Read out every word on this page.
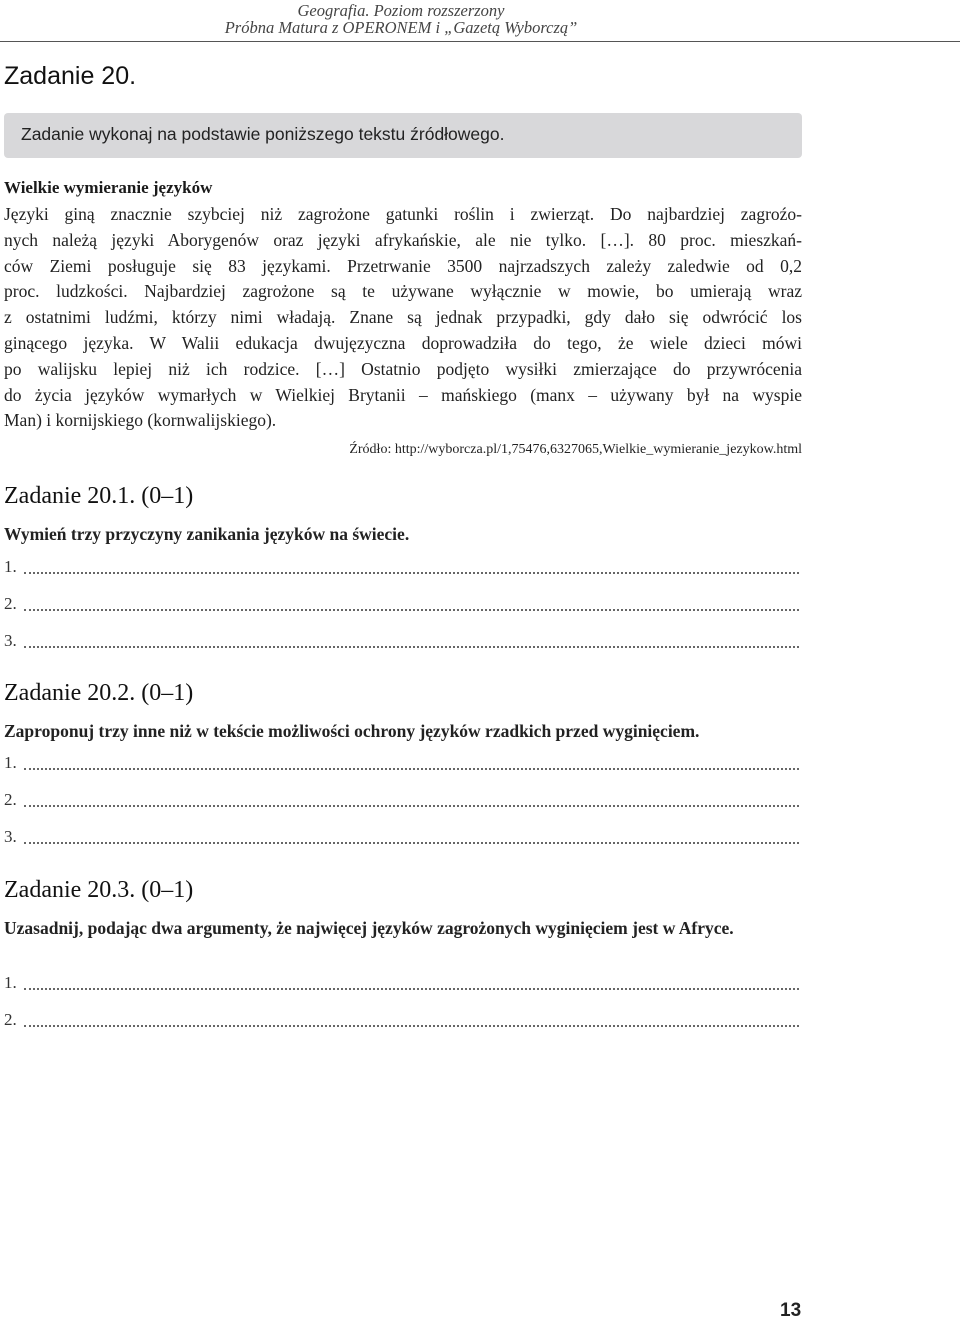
Geografia. Poziom rozszerzony
Próbna Matura z OPERONEM i „Gazetą Wyborczą”
Zadanie 20.
Zadanie wykonaj na podstawie poniższego tekstu źródłowego.
Wielkie wymieranie języków
Języki giną znacznie szybciej niż zagrożone gatunki roślin i zwierząt. Do najbardziej zagroźo-
nych należą języki Aborygenów oraz języki afrykańskie, ale nie tylko. […]. 80 proc. mieszkań-
ców Ziemi posługuje się 83 językami. Przetrwanie 3500 najrzadszych zależy zaledwie od 0,2
proc. ludzkości. Najbardziej zagrożone są te używane wyłącznie w mowie, bo umierają wraz
z ostatnimi ludźmi, którzy nimi władają. Znane są jednak przypadki, gdy dało się odwrócić los
ginącego języka. W Walii edukacja dwujęzyczna doprowadziła do tego, że wiele dzieci mówi
po walijsku lepiej niż ich rodzice. […] Ostatnio podjęto wysiłki zmierzające do przywrócenia
do życia języków wymarłych w Wielkiej Brytanii – mańskiego (manx – używany był na wyspie
Man) i kornijskiego (kornwalijskiego).
Źródło: http://wyborcza.pl/1,75476,6327065,Wielkie_wymieranie_jezykow.html
Zadanie 20.1. (0–1)
Wymień trzy przyczyny zanikania języków na świecie.
1.
2.
3.
Zadanie 20.2. (0–1)
Zaproponuj trzy inne niż w tekście możliwości ochrony języków rzadkich przed wyginięciem.
1.
2.
3.
Zadanie 20.3. (0–1)
Uzasadnij, podając dwa argumenty, że najwięcej języków zagrożonych wyginięciem jest w Afryce.
1.
2.
13
